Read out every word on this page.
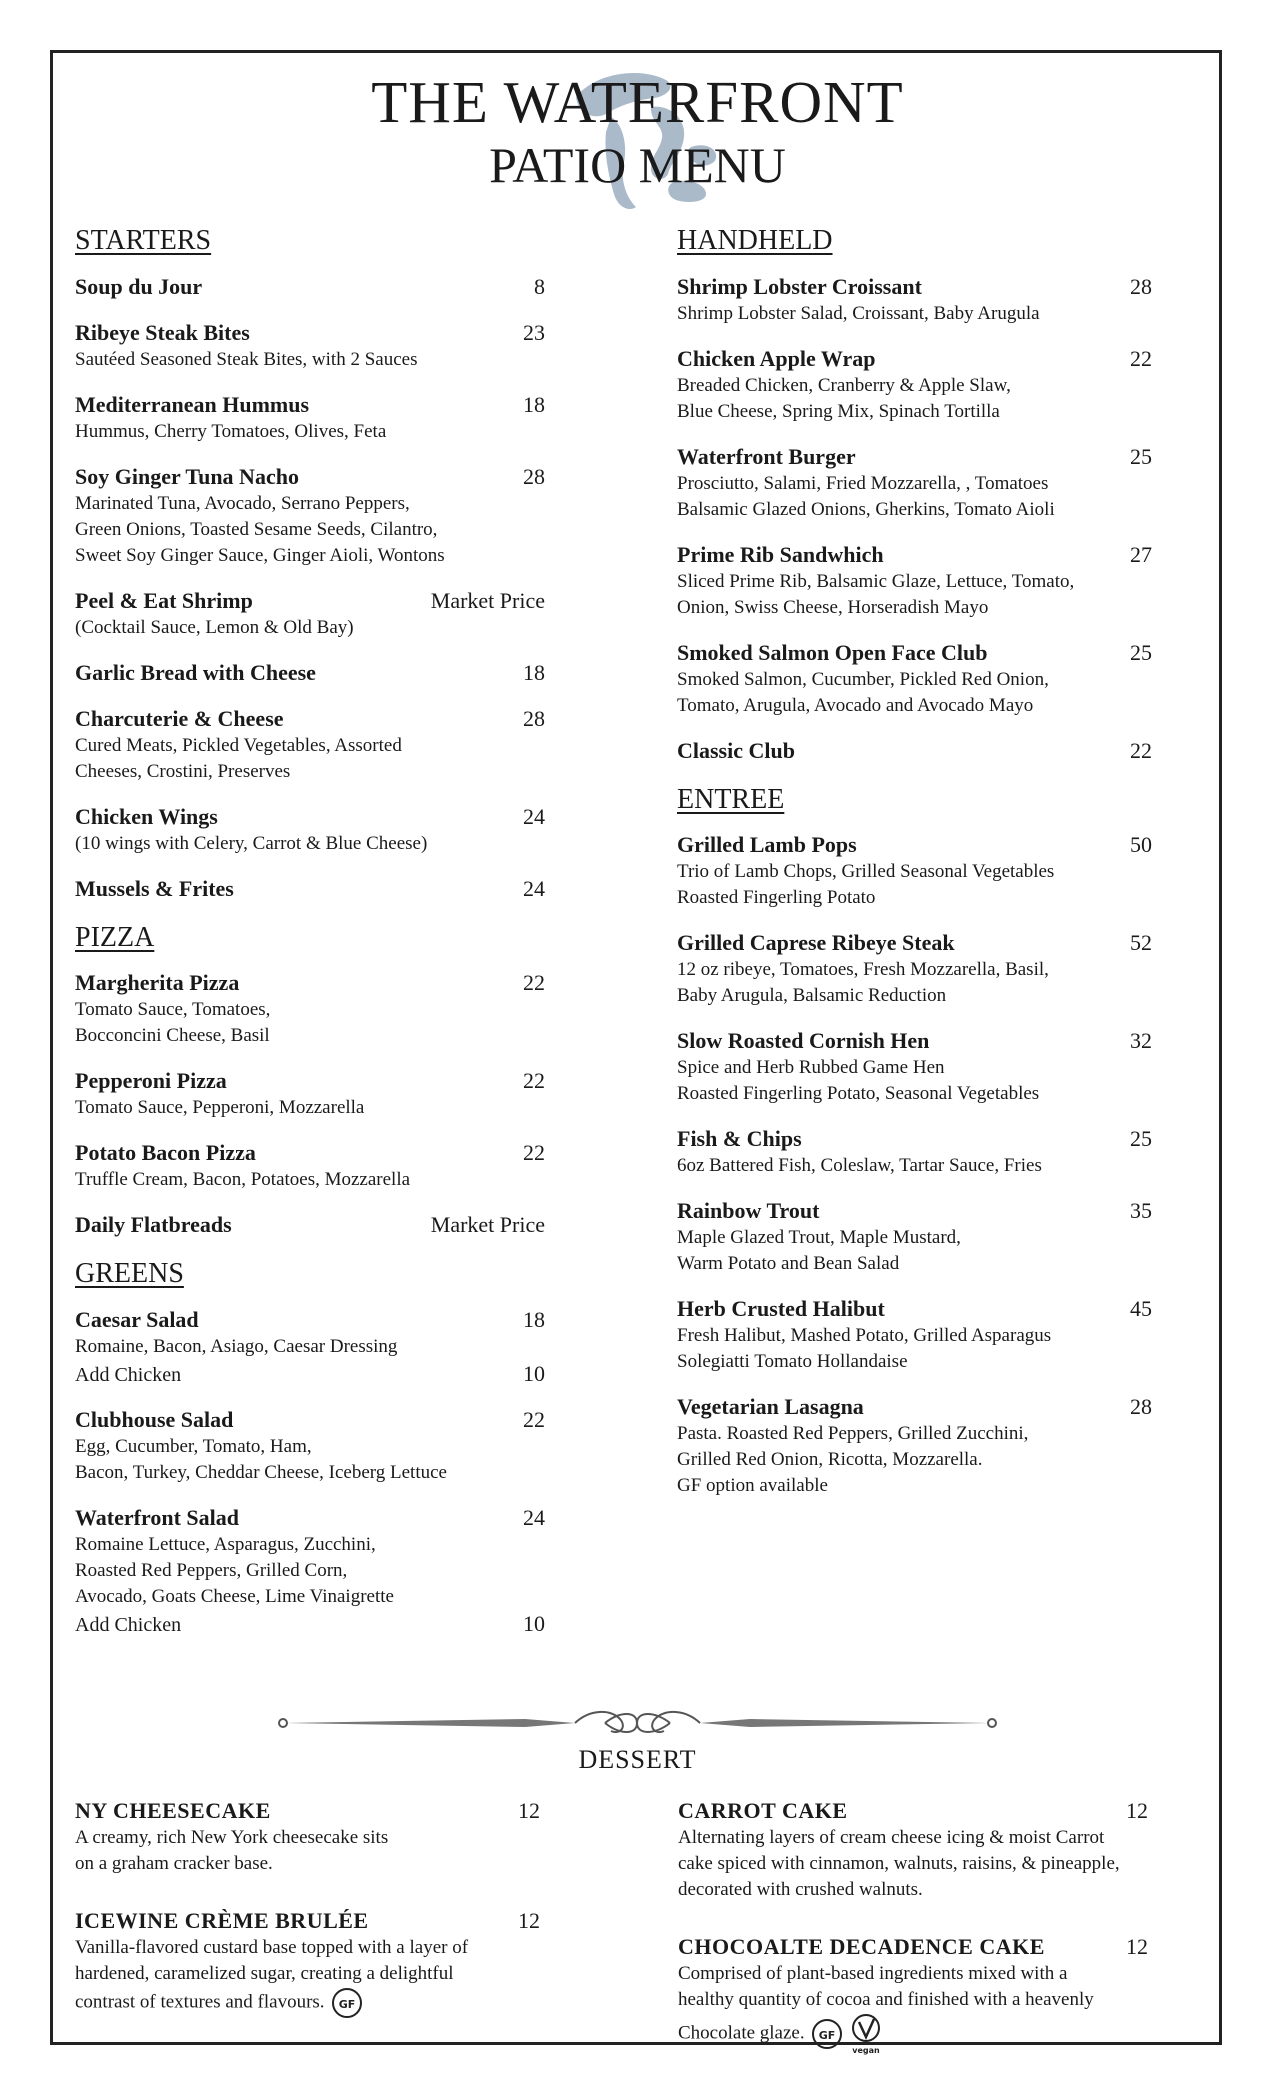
THE WATERFRONT
PATIO MENU
STARTERS
Soup du Jour	8
Ribeye Steak Bites	23
Sautéed Seasoned Steak Bites, with 2 Sauces
Mediterranean Hummus	18
Hummus, Cherry Tomatoes, Olives, Feta
Soy Ginger Tuna Nacho	28
Marinated Tuna, Avocado, Serrano Peppers,
Green Onions, Toasted Sesame Seeds, Cilantro,
Sweet Soy Ginger Sauce, Ginger Aioli, Wontons
Peel & Eat Shrimp	Market Price
(Cocktail Sauce, Lemon & Old Bay)
Garlic Bread with Cheese	18
Charcuterie & Cheese	28
Cured Meats, Pickled Vegetables, Assorted
Cheeses, Crostini, Preserves
Chicken Wings	24
(10 wings with Celery, Carrot & Blue Cheese)
Mussels & Frites	24
PIZZA
Margherita Pizza	22
Tomato Sauce, Tomatoes,
Bocconcini Cheese, Basil
Pepperoni Pizza	22
Tomato Sauce, Pepperoni, Mozzarella
Potato Bacon Pizza	22
Truffle Cream, Bacon, Potatoes, Mozzarella
Daily Flatbreads	Market Price
GREENS
Caesar Salad	18
Romaine, Bacon, Asiago, Caesar Dressing
Add Chicken	10
Clubhouse Salad	22
Egg, Cucumber, Tomato, Ham,
Bacon, Turkey, Cheddar Cheese, Iceberg Lettuce
Waterfront Salad	24
Romaine Lettuce, Asparagus, Zucchini,
Roasted Red Peppers, Grilled Corn,
Avocado, Goats Cheese, Lime Vinaigrette
Add Chicken	10
HANDHELD
Shrimp Lobster Croissant	28
Shrimp Lobster Salad, Croissant, Baby Arugula
Chicken Apple Wrap	22
Breaded Chicken, Cranberry & Apple Slaw,
Blue Cheese, Spring Mix, Spinach Tortilla
Waterfront Burger	25
Prosciutto, Salami, Fried Mozzarella, , Tomatoes
Balsamic Glazed Onions, Gherkins, Tomato Aioli
Prime Rib Sandwhich	27
Sliced Prime Rib, Balsamic Glaze, Lettuce, Tomato,
Onion, Swiss Cheese, Horseradish Mayo
Smoked Salmon Open Face Club	25
Smoked Salmon, Cucumber, Pickled Red Onion,
Tomato, Arugula, Avocado and Avocado Mayo
Classic Club	22
ENTREE
Grilled Lamb Pops	50
Trio of Lamb Chops, Grilled Seasonal Vegetables
Roasted Fingerling Potato
Grilled Caprese Ribeye Steak	52
12 oz ribeye, Tomatoes, Fresh Mozzarella, Basil,
Baby Arugula, Balsamic Reduction
Slow Roasted Cornish Hen	32
Spice and Herb Rubbed Game Hen
Roasted Fingerling Potato, Seasonal Vegetables
Fish & Chips	25
6oz Battered Fish, Coleslaw, Tartar Sauce, Fries
Rainbow Trout	35
Maple Glazed Trout, Maple Mustard,
Warm Potato and Bean Salad
Herb Crusted Halibut	45
Fresh Halibut, Mashed Potato, Grilled Asparagus
Solegiatti Tomato Hollandaise
Vegetarian Lasagna	28
Pasta. Roasted Red Peppers, Grilled Zucchini,
Grilled Red Onion, Ricotta, Mozzarella.
GF option available
DESSERT
NY CHEESECAKE	12
A creamy, rich New York cheesecake sits
on a graham cracker base.
ICEWINE CRÈME BRULÉE	12
Vanilla-flavored custard base topped with a layer of
hardened, caramelized sugar, creating a delightful
contrast of textures and flavours. GF
CARROT CAKE	12
Alternating layers of cream cheese icing & moist Carrot
cake spiced with cinnamon, walnuts, raisins, & pineapple,
decorated with crushed walnuts.
CHOCOALTE DECADENCE CAKE	12
Comprised of plant-based ingredients mixed with a
healthy quantity of cocoa and finished with a heavenly
Chocolate glaze. GF
vegan
